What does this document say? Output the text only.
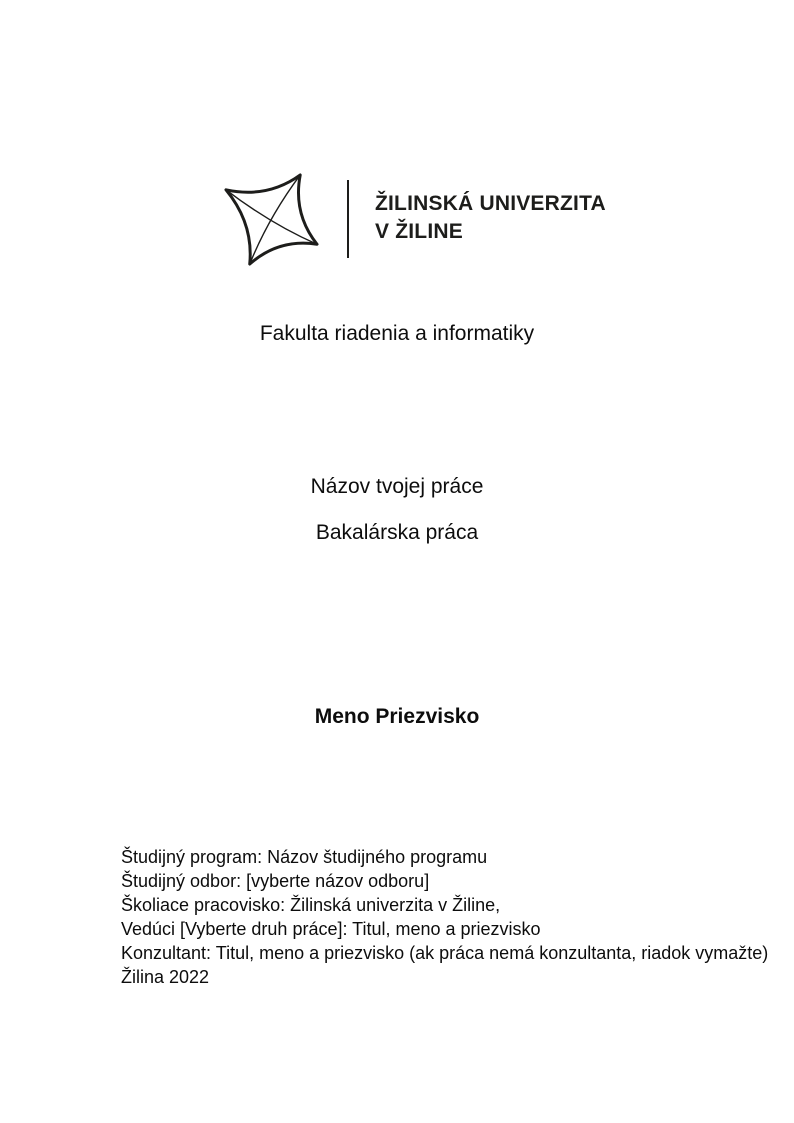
ŽILINSKÁ UNIVERZITA
V ŽILINE
Fakulta riadenia a informatiky
Názov tvojej práce
Bakalárska práca
Meno Priezvisko
Študijný program: Názov študijného programu
Študijný odbor: [vyberte názov odboru]
Školiace pracovisko: Žilinská univerzita v Žiline,
Vedúci [Vyberte druh práce]: Titul, meno a priezvisko
Konzultant: Titul, meno a priezvisko (ak práca nemá konzultanta, riadok vymažte)
Žilina 2022
